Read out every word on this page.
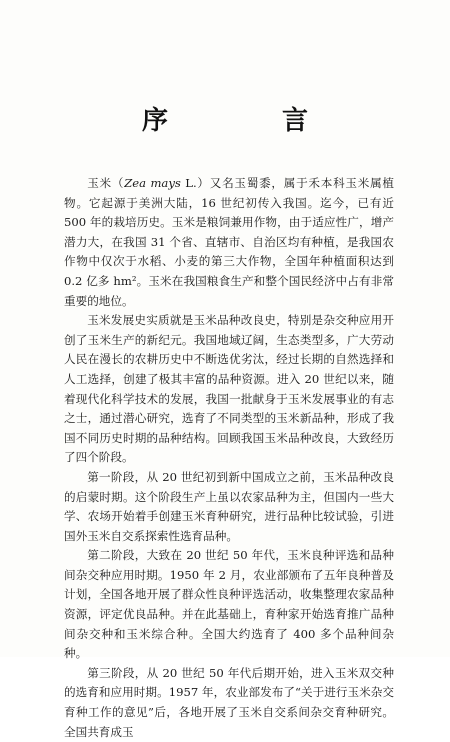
序　言

玉米（Zea mays L.）又名玉蜀黍，属于禾本科玉米属植物。它起源于美洲大陆，16 世纪初传入我国。迄今，已有近 500 年的栽培历史。玉米是粮饲兼用作物，由于适应性广，增产潜力大，在我国 31 个省、直辖市、自治区均有种植，是我国农作物中仅次于水稻、小麦的第三大作物，全国年种植面积达到 0.2 亿多 hm²。玉米在我国粮食生产和整个国民经济中占有非常重要的地位。

玉米发展史实质就是玉米品种改良史，特别是杂交种应用开创了玉米生产的新纪元。我国地域辽阔，生态类型多，广大劳动人民在漫长的农耕历史中不断选优劣汰，经过长期的自然选择和人工选择，创建了极其丰富的品种资源。进入 20 世纪以来，随着现代化科学技术的发展，我国一批献身于玉米发展事业的有志之士，通过潜心研究，选育了不同类型的玉米新品种，形成了我国不同历史时期的品种结构。回顾我国玉米品种改良，大致经历了四个阶段。

第一阶段，从 20 世纪初到新中国成立之前，玉米品种改良的启蒙时期。这个阶段生产上虽以农家品种为主，但国内一些大学、农场开始着手创建玉米育种研究，进行品种比较试验，引进国外玉米自交系探索性选育品种。

第二阶段，大致在 20 世纪 50 年代，玉米良种评选和品种间杂交种应用时期。1950 年 2 月，农业部颁布了五年良种普及计划，全国各地开展了群众性良种评选活动，收集整理农家品种资源，评定优良品种。并在此基础上，育种家开始选育推广品种间杂交种和玉米综合种。全国大约选育了 400 多个品种间杂种。

第三阶段，从 20 世纪 50 年代后期开始，进入玉米双交种的选育和应用时期。1957 年，农业部发布了“关于进行玉米杂交育种工作的意见”后，各地开展了玉米自交系间杂交育种研究。全国共育成玉
